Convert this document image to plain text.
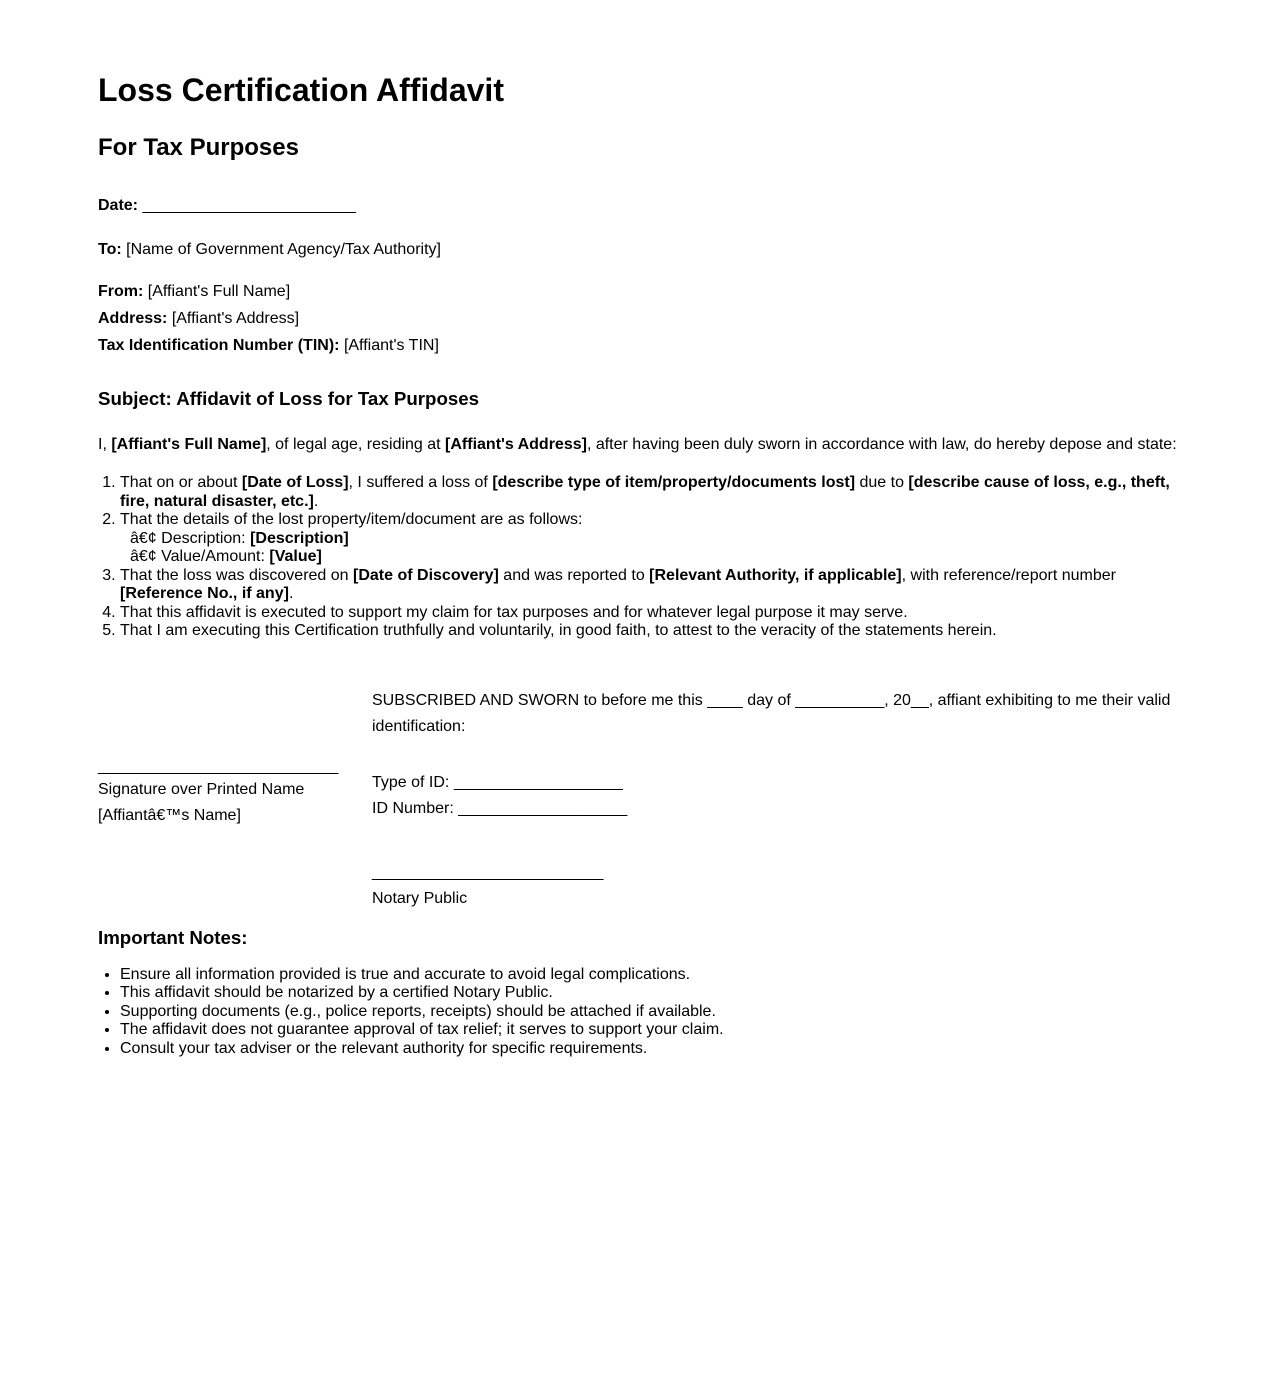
Loss Certification Affidavit
For Tax Purposes

Date: ________________________

To: [Name of Government Agency/Tax Authority]

From: [Affiant's Full Name]

Address: [Affiant's Address]

Tax Identification Number (TIN): [Affiant's TIN]

Subject: Affidavit of Loss for Tax Purposes

I, [Affiant's Full Name], of legal age, residing at [Affiant's Address], after having been duly sworn in accordance with law, do hereby depose and state:

1. That on or about [Date of Loss], I suffered a loss of [describe type of item/property/documents lost] due to [describe cause of loss, e.g., theft, fire, natural disaster, etc.].
2. That the details of the lost property/item/document are as follows:
â€¢ Description: [Description]
â€¢ Value/Amount: [Value]
3. That the loss was discovered on [Date of Discovery] and was reported to [Relevant Authority, if applicable], with reference/report number [Reference No., if any].
4. That this affidavit is executed to support my claim for tax purposes and for whatever legal purpose it may serve.
5. That I am executing this Certification truthfully and voluntarily, in good faith, to attest to the veracity of the statements herein.
___________________________
Signature over Printed Name
[Affiantâ€™s Name]

SUBSCRIBED AND SWORN to before me this ____ day of __________, 20__, affiant exhibiting to me their valid identification:

Type of ID: ___________________
ID Number: ___________________
__________________________
Notary Public
Important Notes:
• Ensure all information provided is true and accurate to avoid legal complications.
• This affidavit should be notarized by a certified Notary Public.
• Supporting documents (e.g., police reports, receipts) should be attached if available.
• The affidavit does not guarantee approval of tax relief; it serves to support your claim.
• Consult your tax adviser or the relevant authority for specific requirements.
